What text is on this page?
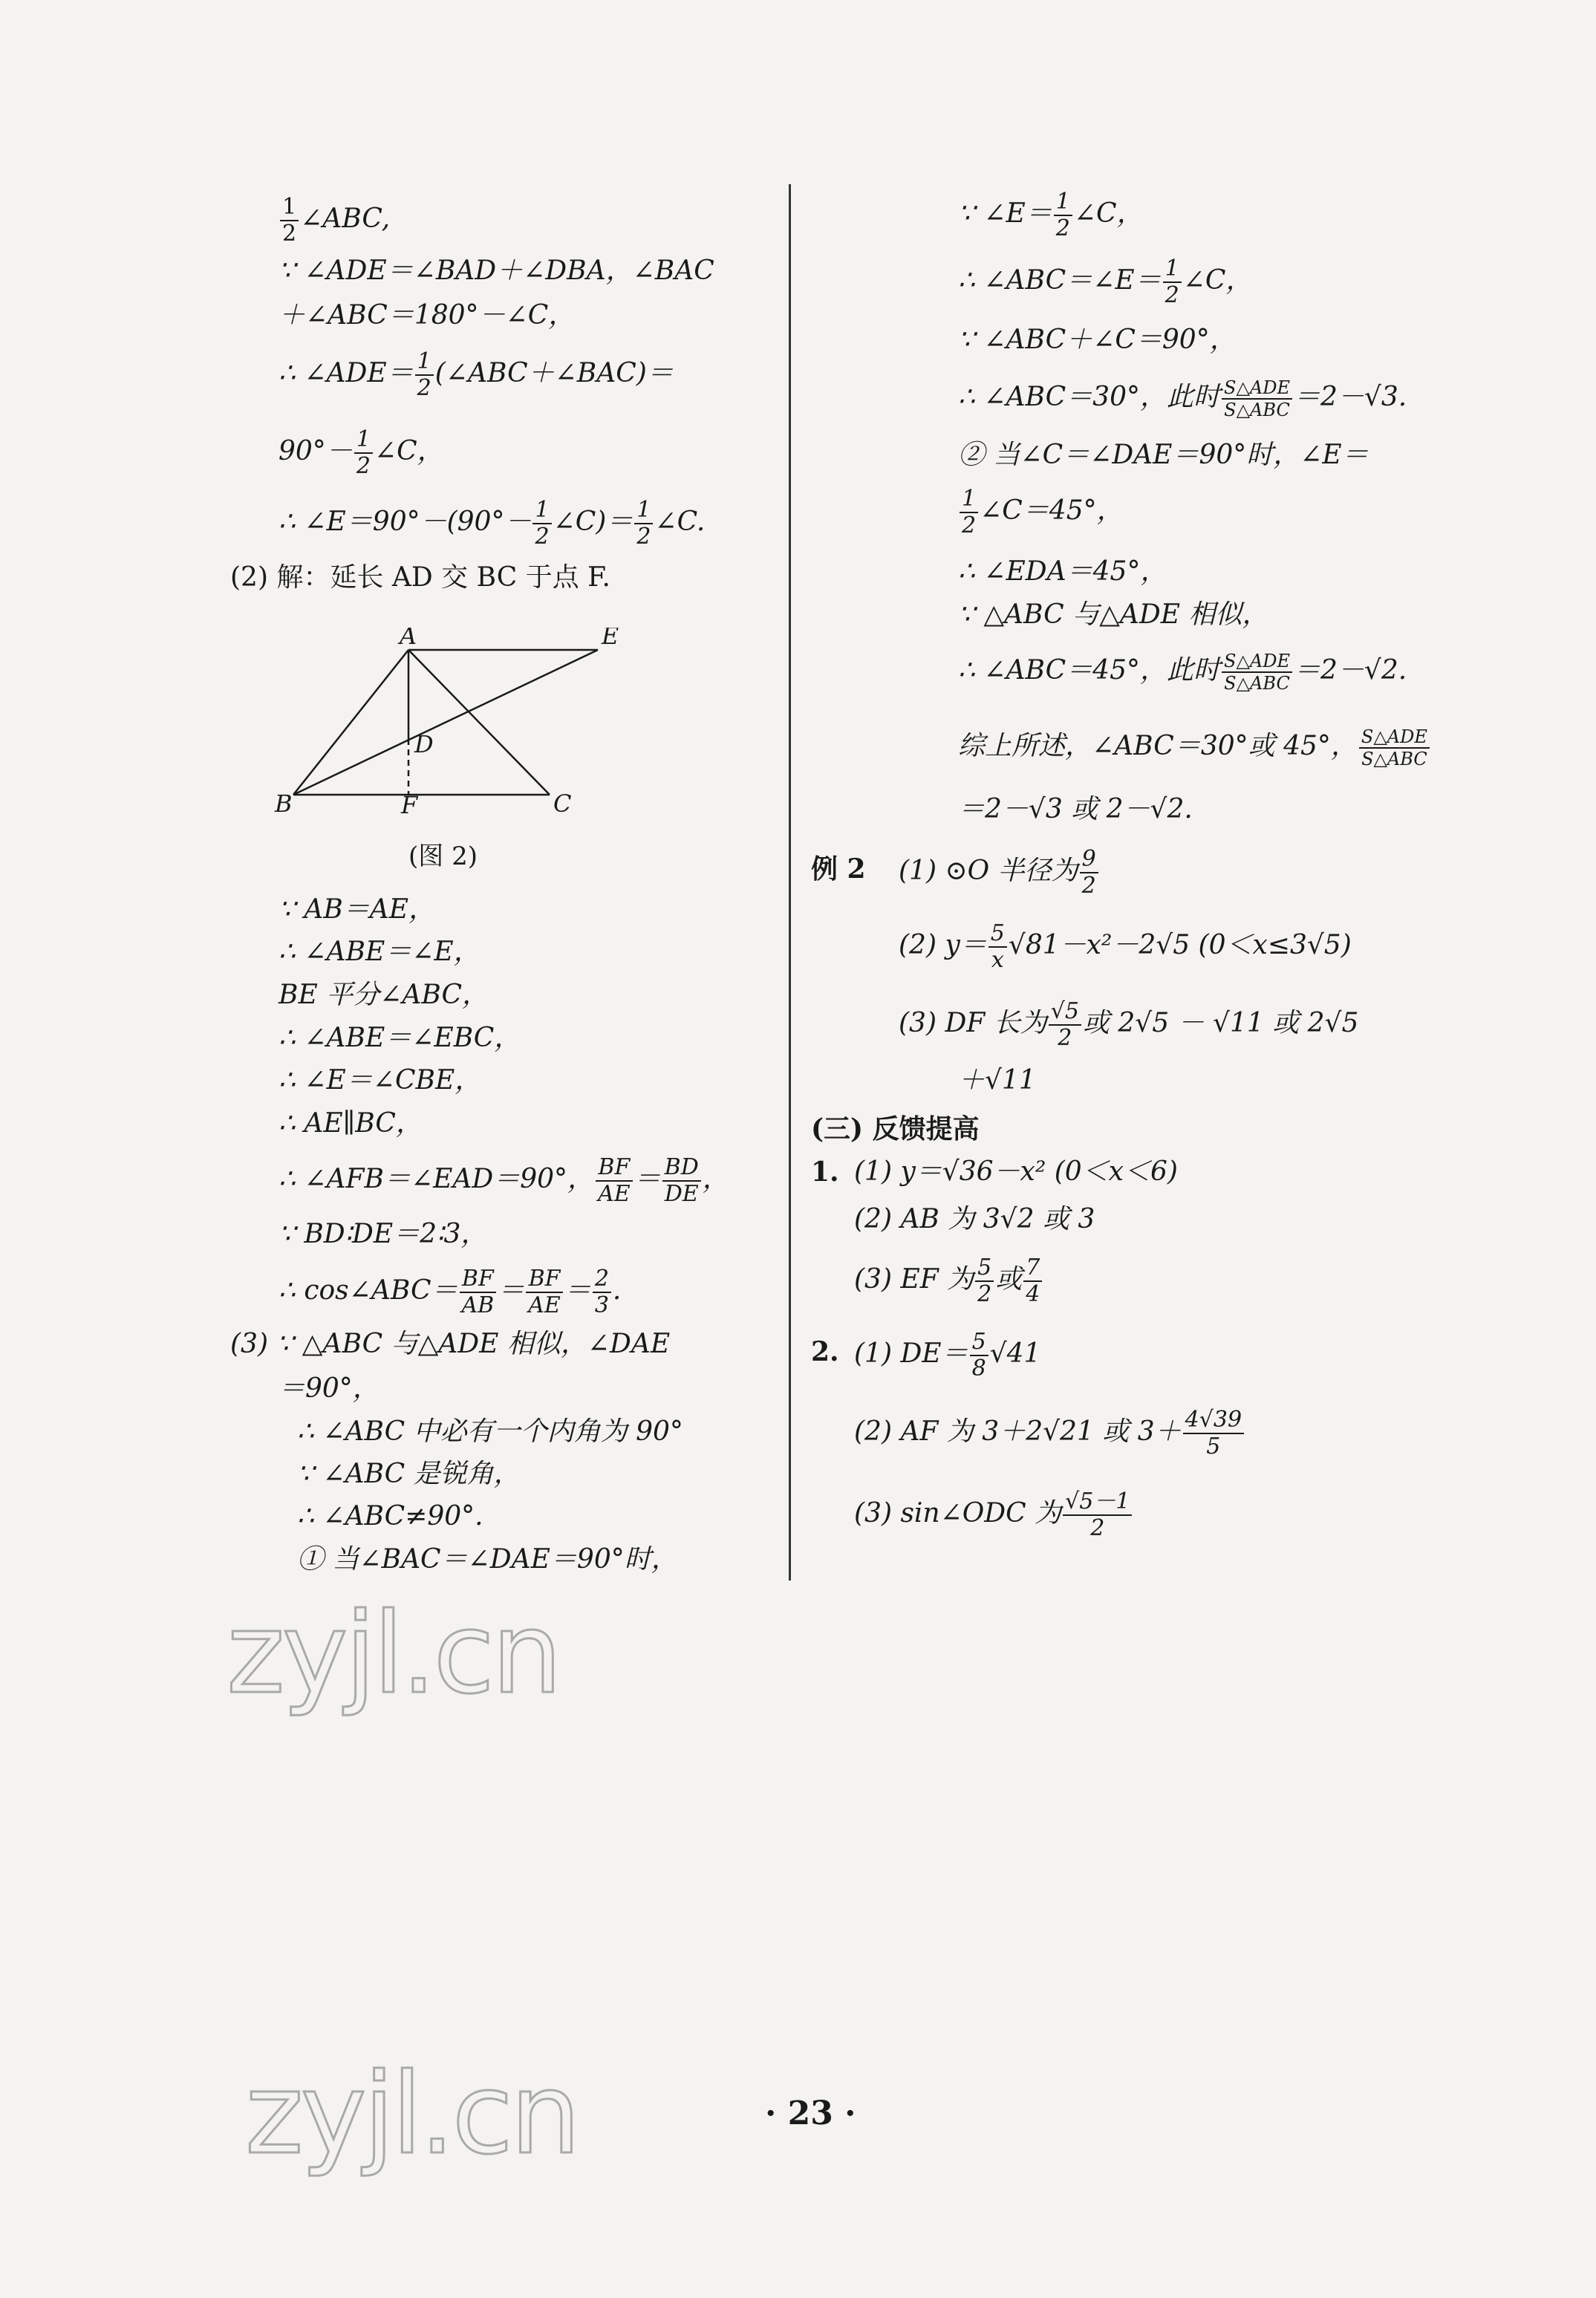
$\frac{1}{2}$ ∠ABC,
∵ ∠ADE＝∠BAD＋∠DBA，∠BAC
＋∠ABC＝180°－∠C，
∴ ∠ADE＝ $\frac{1}{2}$ (∠ABC＋∠BAC)＝
$90^\circ- \frac{1}{2}$ ∠C，
∴ ∠E＝90°－(90°－ $\frac{1}{2}$ ∠C)＝ $\frac{1}{2}$ ∠C.
(2) 解：延长 AD 交 BC 于点 F.
A	E
D
B	F	C
(图 2)
∵ AB＝AE，
∴ ∠ABE＝∠E，
BE 平分∠ABC，
∴ ∠ABE＝∠EBC，
∴ ∠E＝∠CBE，
∴ AE∥BC，
∴ ∠AFB＝∠EAD＝90°， $\frac{BF}{AE} = \frac{BD}{DE}$ ，
∵ BD∶DE＝2∶3，
∴ cos∠ABC＝ $\frac{BF}{AB} = \frac{BF}{AE} = \frac{2}{3}$ .
(3) ∵ △ABC 与△ADE 相似，∠DAE
＝90°，
∴ ∠ABC 中必有一个内角为 90°
∵ ∠ABC 是锐角，
∴ ∠ABC≠90°.
① 当∠BAC＝∠DAE＝90°时，
∵ ∠E＝ $\frac{1}{2}$ ∠C，
∴ ∠ABC＝∠E＝ $\frac{1}{2}$ ∠C，
∵ ∠ABC＋∠C＝90°，
∴ ∠ABC＝30°，此时 $\frac{\text{S△ADE}}{\text{S△ABC}} =2-√3$.
② 当∠C＝∠DAE＝90°时，∠E＝
$\frac{1}{2}$ ∠C＝45°，
∴ ∠EDA＝45°，
∵ △ABC 与△ADE 相似，
∴ ∠ABC＝45°，此时 $\frac{\text{S△ADE}}{\text{S△ABC}} =2-√2$.
综上所述，∠ABC＝30°或 45°， $\frac{\text{S△ADE}}{\text{S△ABC}}$
＝2－√3 或 2－√2.
例 2 (1) ⊙O 半径为 $\frac{9}{2}$
(2) $y= \frac{5}{x} √81-x^2-2√5$ (0＜x≤3√5)
(3) DF 长为 $\frac{√5}{2}$ 或 2√5 － √11 或 2√5
＋√11
(三) 反馈提高
1. (1) y＝√36－x² (0＜x＜6)
(2) AB 为 3√2 或 3
(3) EF 为 $\frac{5}{2}$ 或 $\frac{7}{4}$
2. (1) $DE= \frac{5}{8} √41$
(2) AF 为 3＋2√21 或 $3+ \frac{4√39}{5}$
(3) sin∠ODC 为 $\frac{√5-1}{2}$
zyjl.cn
zyjl.cn	· 23 ·
